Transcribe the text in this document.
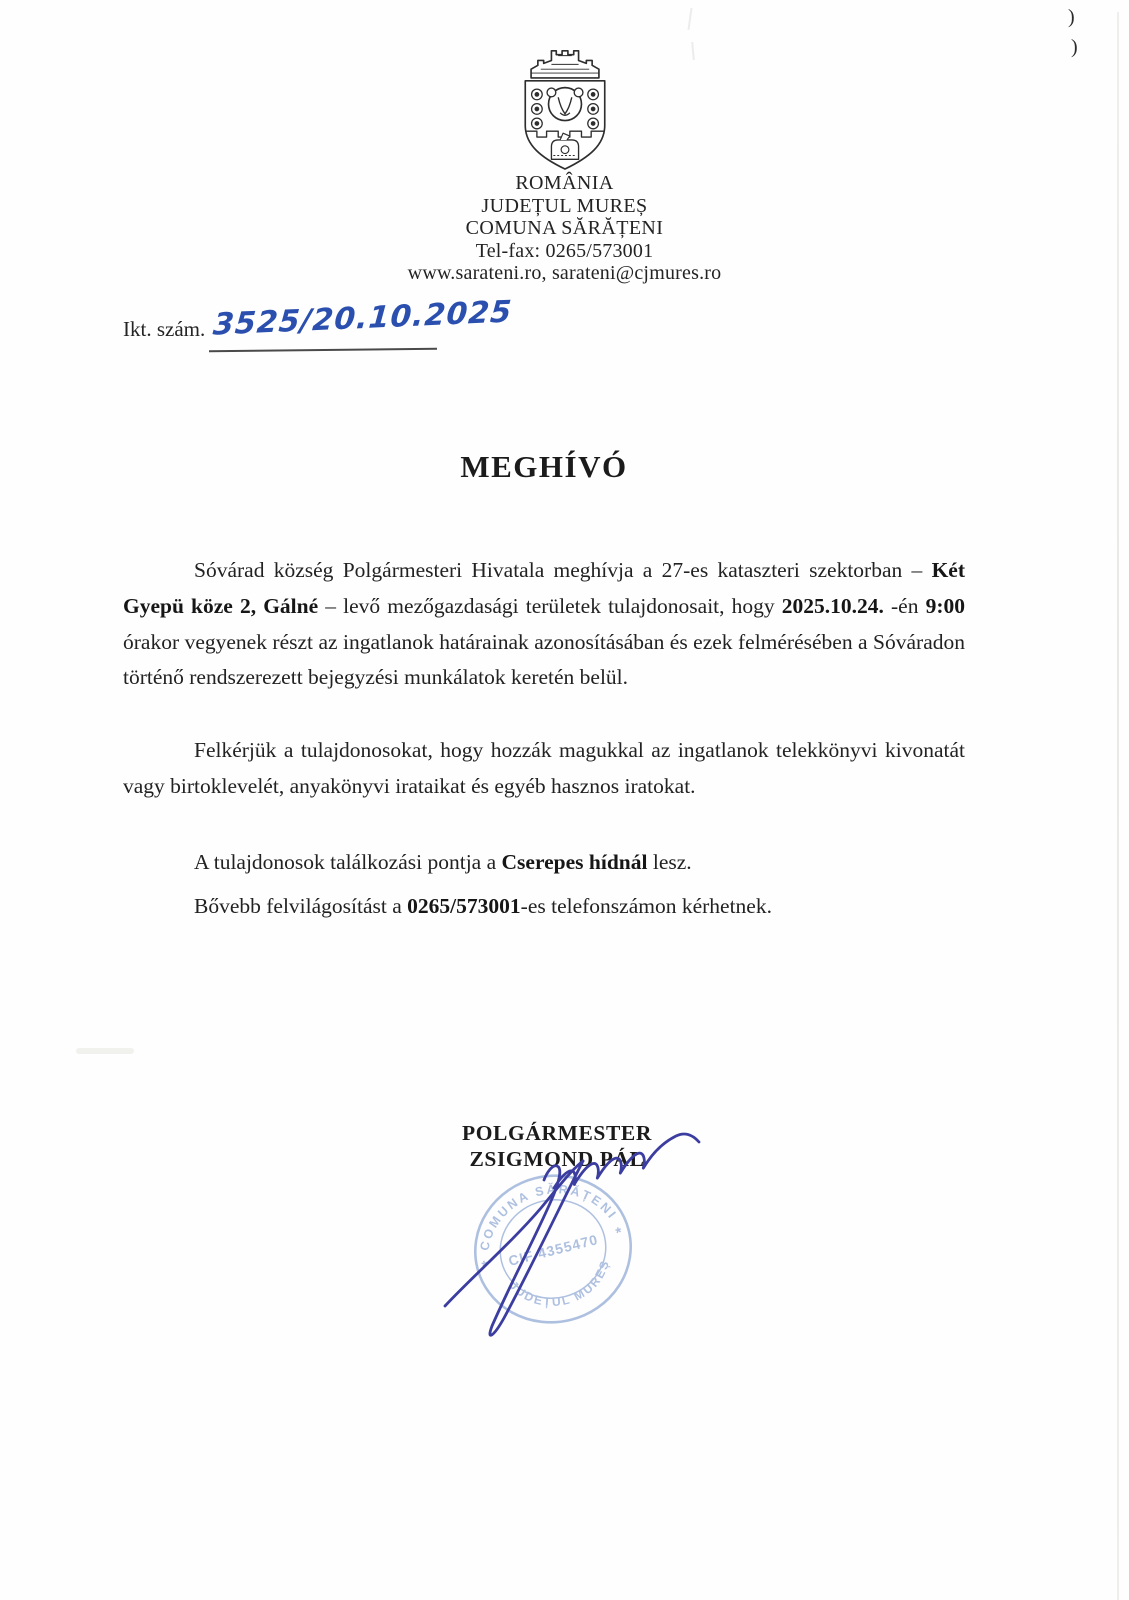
)
)
ROMÂNIA
JUDEȚUL MUREȘ
COMUNA SĂRĂȚENI
Tel-fax: 0265/573001
www.sarateni.ro, sarateni@cjmures.ro
Ikt. szám. 3525/20.10.2025
MEGHÍVÓ

Sóvárad község Polgármesteri Hivatala meghívja a 27-es kataszteri szektorban – Két Gyepü köze 2, Gálné – levő mezőgazdasági területek tulajdonosait, hogy 2025.10.24. -én 9:00 órakor vegyenek részt az ingatlanok határainak azonosításában és ezek felmérésében a Sóváradon történő rendszerezett bejegyzési munkálatok keretén belül.

Felkérjük a tulajdonosokat, hogy hozzák magukkal az ingatlanok telekkönyvi kivonatát vagy birtoklevelét, anyakönyvi irataikat és egyéb hasznos iratokat.

A tulajdonosok találkozási pontja a Cserepes hídnál lesz.

Bővebb felvilágosítást a 0265/573001-es telefonszámon kérhetnek.

POLGÁRMESTER
ZSIGMOND PÁL
COMUNA SĂRĂȚENI
JUDEȚUL MUREȘ
CIF 4355470
*
*
